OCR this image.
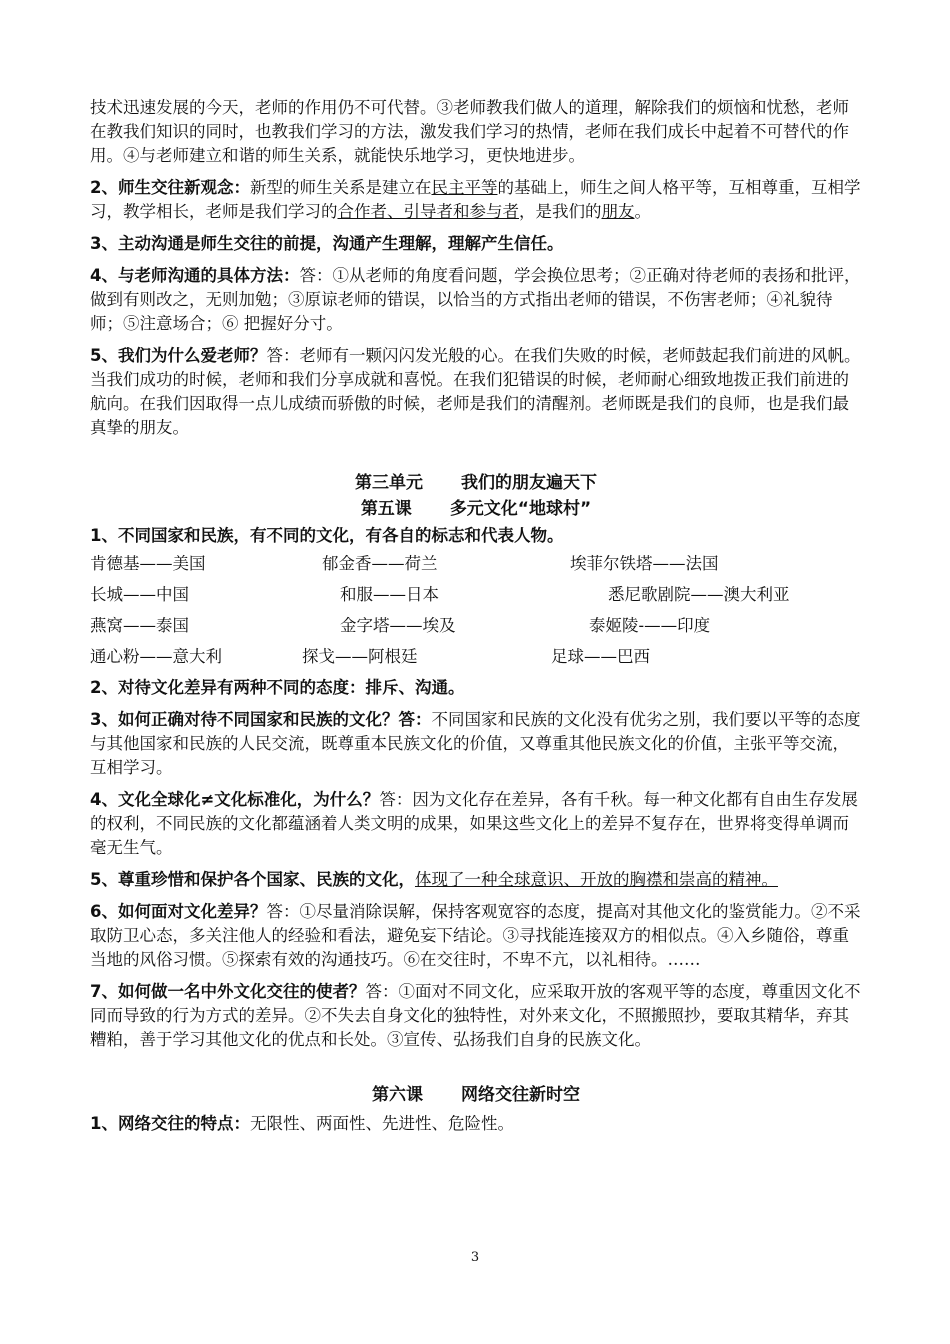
技术迅速发展的今天，老师的作用仍不可代替。③老师教我们做人的道理，解除我们的烦恼和忧愁，老师在教我们知识的同时，也教我们学习的方法，激发我们学习的热情，老师在我们成长中起着不可替代的作用。④与老师建立和谐的师生关系，就能快乐地学习，更快地进步。

2、师生交往新观念：新型的师生关系是建立在民主平等的基础上，师生之间人格平等，互相尊重，互相学习，教学相长，老师是我们学习的合作者、引导者和参与者，是我们的朋友。

3、主动沟通是师生交往的前提，沟通产生理解，理解产生信任。

4、与老师沟通的具体方法：答：①从老师的角度看问题，学会换位思考；②正确对待老师的表扬和批评，做到有则改之，无则加勉；③原谅老师的错误，以恰当的方式指出老师的错误，不伤害老师；④礼貌待师；⑤注意场合；⑥ 把握好分寸。

5、我们为什么爱老师？答：老师有一颗闪闪发光般的心。在我们失败的时候，老师鼓起我们前进的风帆。当我们成功的时候，老师和我们分享成就和喜悦。在我们犯错误的时候，老师耐心细致地拨正我们前进的航向。在我们因取得一点儿成绩而骄傲的时候，老师是我们的清醒剂。老师既是我们的良师，也是我们最真挚的朋友。

第三单元 我们的朋友遍天下

第五课 多元文化“地球村”

1、不同国家和民族，有不同的文化，有各自的标志和代表人物。

肯德基——美国	郁金香——荷兰	埃菲尔铁塔——法国
长城——中国	和服——日本	悉尼歌剧院——澳大利亚
燕窝——泰国	金字塔——埃及	泰姬陵-——印度
通心粉——意大利	探戈——阿根廷	足球——巴西

2、对待文化差异有两种不同的态度：排斥、沟通。

3、如何正确对待不同国家和民族的文化？答：不同国家和民族的文化没有优劣之别，我们要以平等的态度与其他国家和民族的人民交流，既尊重本民族文化的价值，又尊重其他民族文化的价值，主张平等交流，互相学习。

4、文化全球化≠文化标准化，为什么？答：因为文化存在差异，各有千秋。每一种文化都有自由生存发展的权利，不同民族的文化都蕴涵着人类文明的成果，如果这些文化上的差异不复存在，世界将变得单调而毫无生气。

5、尊重珍惜和保护各个国家、民族的文化，体现了一种全球意识、开放的胸襟和崇高的精神。

6、如何面对文化差异？答：①尽量消除误解，保持客观宽容的态度，提高对其他文化的鉴赏能力。②不采取防卫心态，多关注他人的经验和看法，避免妄下结论。③寻找能连接双方的相似点。④入乡随俗，尊重当地的风俗习惯。⑤探索有效的沟通技巧。⑥在交往时，不卑不亢，以礼相待。……

7、如何做一名中外文化交往的使者？答：①面对不同文化，应采取开放的客观平等的态度，尊重因文化不同而导致的行为方式的差异。②不失去自身文化的独特性，对外来文化，不照搬照抄，要取其精华，弃其糟粕，善于学习其他文化的优点和长处。③宣传、弘扬我们自身的民族文化。

第六课 网络交往新时空

1、网络交往的特点：无限性、两面性、先进性、危险性。

3
